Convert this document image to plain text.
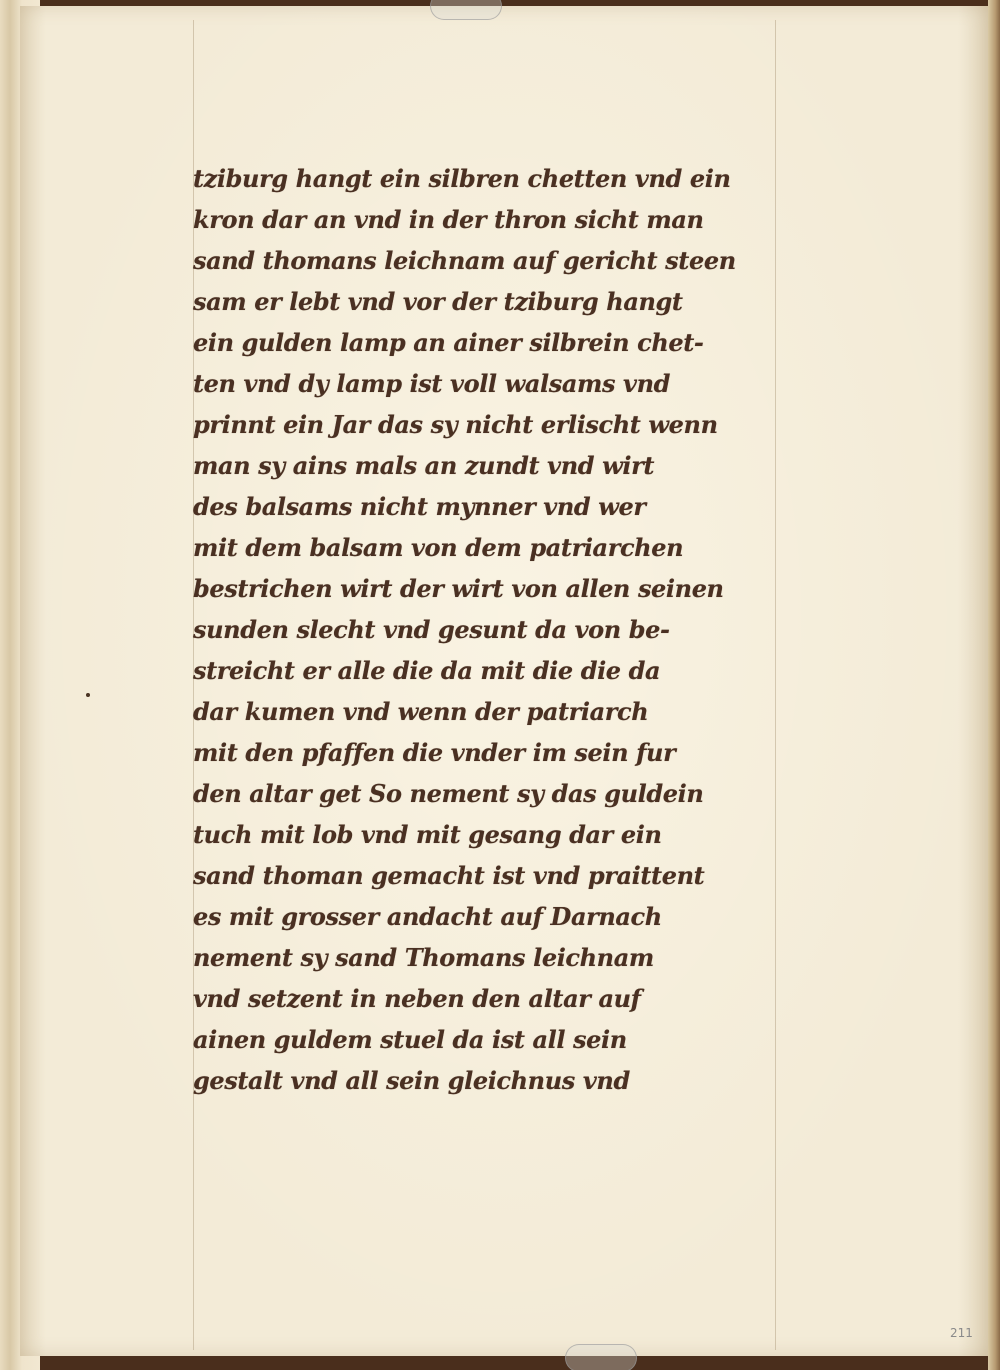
tziburg hangt ein silbren chetten vnd ein
kron dar an vnd in der thron sicht man
sand thomans leichnam auf gericht steen
sam er lebt vnd vor der tziburg hangt
ein gulden lamp an ainer silbrein chet-
ten vnd dy lamp ist voll walsams vnd
prinnt ein Jar das sy nicht erlischt wenn
man sy ains mals an zundt vnd wirt
des balsams nicht mynner vnd wer
mit dem balsam von dem patriarchen
bestrichen wirt der wirt von allen seinen
sunden slecht vnd gesunt da von be-
streicht er alle die da mit die die da
dar kumen vnd wenn der patriarch
mit den pfaffen die vnder im sein fur
den altar get So nement sy das guldein
tuch mit lob vnd mit gesang dar ein
sand thoman gemacht ist vnd praittent
es mit grosser andacht auf Darnach
nement sy sand Thomans leichnam
vnd setzent in neben den altar auf
ainen guldem stuel da ist all sein
gestalt vnd all sein gleichnus vnd
211
